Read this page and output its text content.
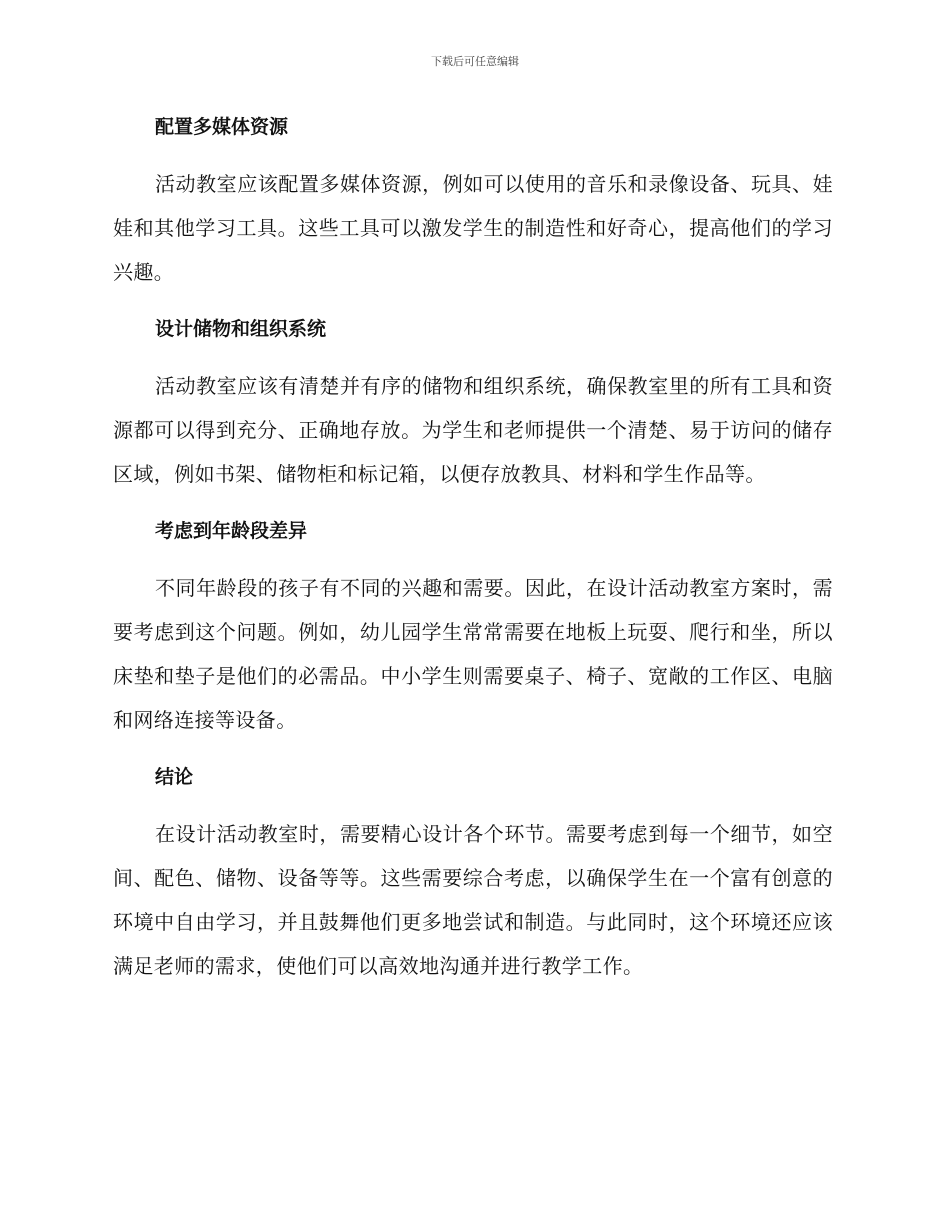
下载后可任意编辑
配置多媒体资源

活动教室应该配置多媒体资源，例如可以使用的音乐和录像设备、玩具、娃娃和其他学习工具。这些工具可以激发学生的制造性和好奇心，提高他们的学习兴趣。

设计储物和组织系统

活动教室应该有清楚并有序的储物和组织系统，确保教室里的所有工具和资源都可以得到充分、正确地存放。为学生和老师提供一个清楚、易于访问的储存区域，例如书架、储物柜和标记箱，以便存放教具、材料和学生作品等。

考虑到年龄段差异

不同年龄段的孩子有不同的兴趣和需要。因此，在设计活动教室方案时，需要考虑到这个问题。例如，幼儿园学生常常需要在地板上玩耍、爬行和坐，所以床垫和垫子是他们的必需品。中小学生则需要桌子、椅子、宽敞的工作区、电脑和网络连接等设备。

结论

在设计活动教室时，需要精心设计各个环节。需要考虑到每一个细节，如空间、配色、储物、设备等等。这些需要综合考虑，以确保学生在一个富有创意的环境中自由学习，并且鼓舞他们更多地尝试和制造。与此同时，这个环境还应该满足老师的需求，使他们可以高效地沟通并进行教学工作。
